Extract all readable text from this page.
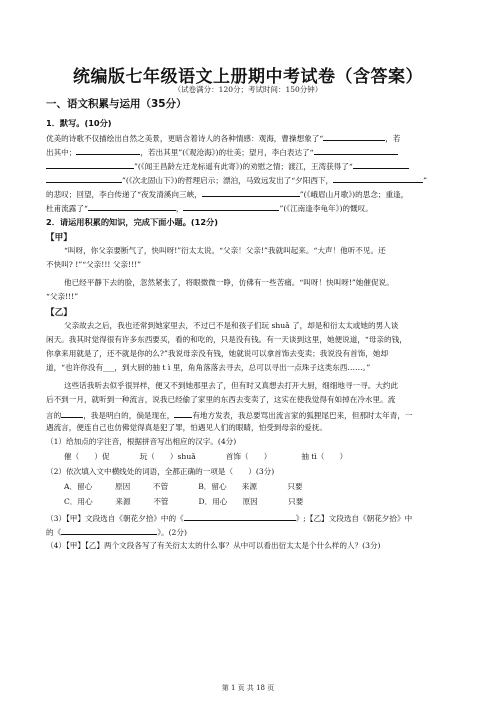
统编版七年级语文上册期中考试卷（含答案）
（试卷满分：120分；考试时间：150分钟）
一、语文积累与运用（35分）
1．默写。(10分)
优美的诗歌不仅描绘出自然之美景，更暗含着诗人的各种情感：观海，曹操想象了“	，若
出其中；	，若出其里”(《观沧海》)的壮美；望月，李白表达了“
”(《闻王昌龄左迁龙标遥有此寄》)的劝慰之情；渡江，王湾获得了“
”(《次北固山下》)的哲理启示；漂泊，马致远发出了“夕阳西下，	”
的悲叹；回望，李白传递了“夜发清溪向三峡，	”(《峨眉山月歌》)的思念；重逢，
杜甫流露了“	，	”(《江南逢李龟年》)的慨叹。
2．请运用积累的知识，完成下面小题。(12分)
【甲】
“叫呀，你父亲要断气了，快叫呀!”衍太太说。“父亲！父亲!”我就叫起来。“大声！他听不见。还
不快叫? !”“父亲!!! 父亲!!!”
他已经平静下去的脸，忽然紧张了，将眼微微一睁，仿佛有一些苦痛。“叫呀！快叫呀!”她催促说。
“父亲!!!”
【乙】
父亲故去之后，我也还常到她家里去，不过已不是和孩子们玩 shuǎ 了，却是和衍太太或她的男人谈
闲天。我其时觉得很有许多东西要买，看的和吃的，只是没有钱。有一天谈到这里，她便说道，“母亲的钱，
你拿来用就是了，还不就是你的么?”我说母亲没有钱，她就说可以拿首饰去变卖；我说没有首饰，她却
道，“也许你没有___，到大厨的抽 t ì 里，角角落落去寻去，总可以寻出一点珠子这类东西……。”
这些话我听去似乎很异样，便又不到她那里去了，但有时又真想去打开大厨，细细地寻一寻。大约此
后不到一月，就听到一种流言，说我已经偷了家里的东西去变卖了，这实在使我觉得有如掉在冷水里。流
言的	，我是明白的，倘是现在， 有地方发表，我总要骂出流言家的狐狸尾巴来，但那时太年青，一
遇流言，便连自己也仿佛觉得真是犯了罪，怕遇见人们的眼睛，怕受到母亲的爱抚。
（1）给加点的字注音，根据拼音写出相应的汉字。(4分)
催（　　）促	玩（　　）shuǎ	首饰（　　）	抽 tì（　　）
（2）依次填入文中横线处的词语，全都正确的一项是（　　）(3分)
A．留心　　　原因　　　不管	B．留心　　来源　　　　只要
C．用心　　　来源　　　不管	D．用心　　原因　　　　只要
（3）【甲】文段选自《朝花夕拾》中的《	》;【乙】文段选自《朝花夕拾》中
的《	》。(2分)
（4）【甲】【乙】两个文段各写了有关衍太太的什么事？从中可以看出衍太太是个什么样的人？(3分)
第 1 页 共 18 页
